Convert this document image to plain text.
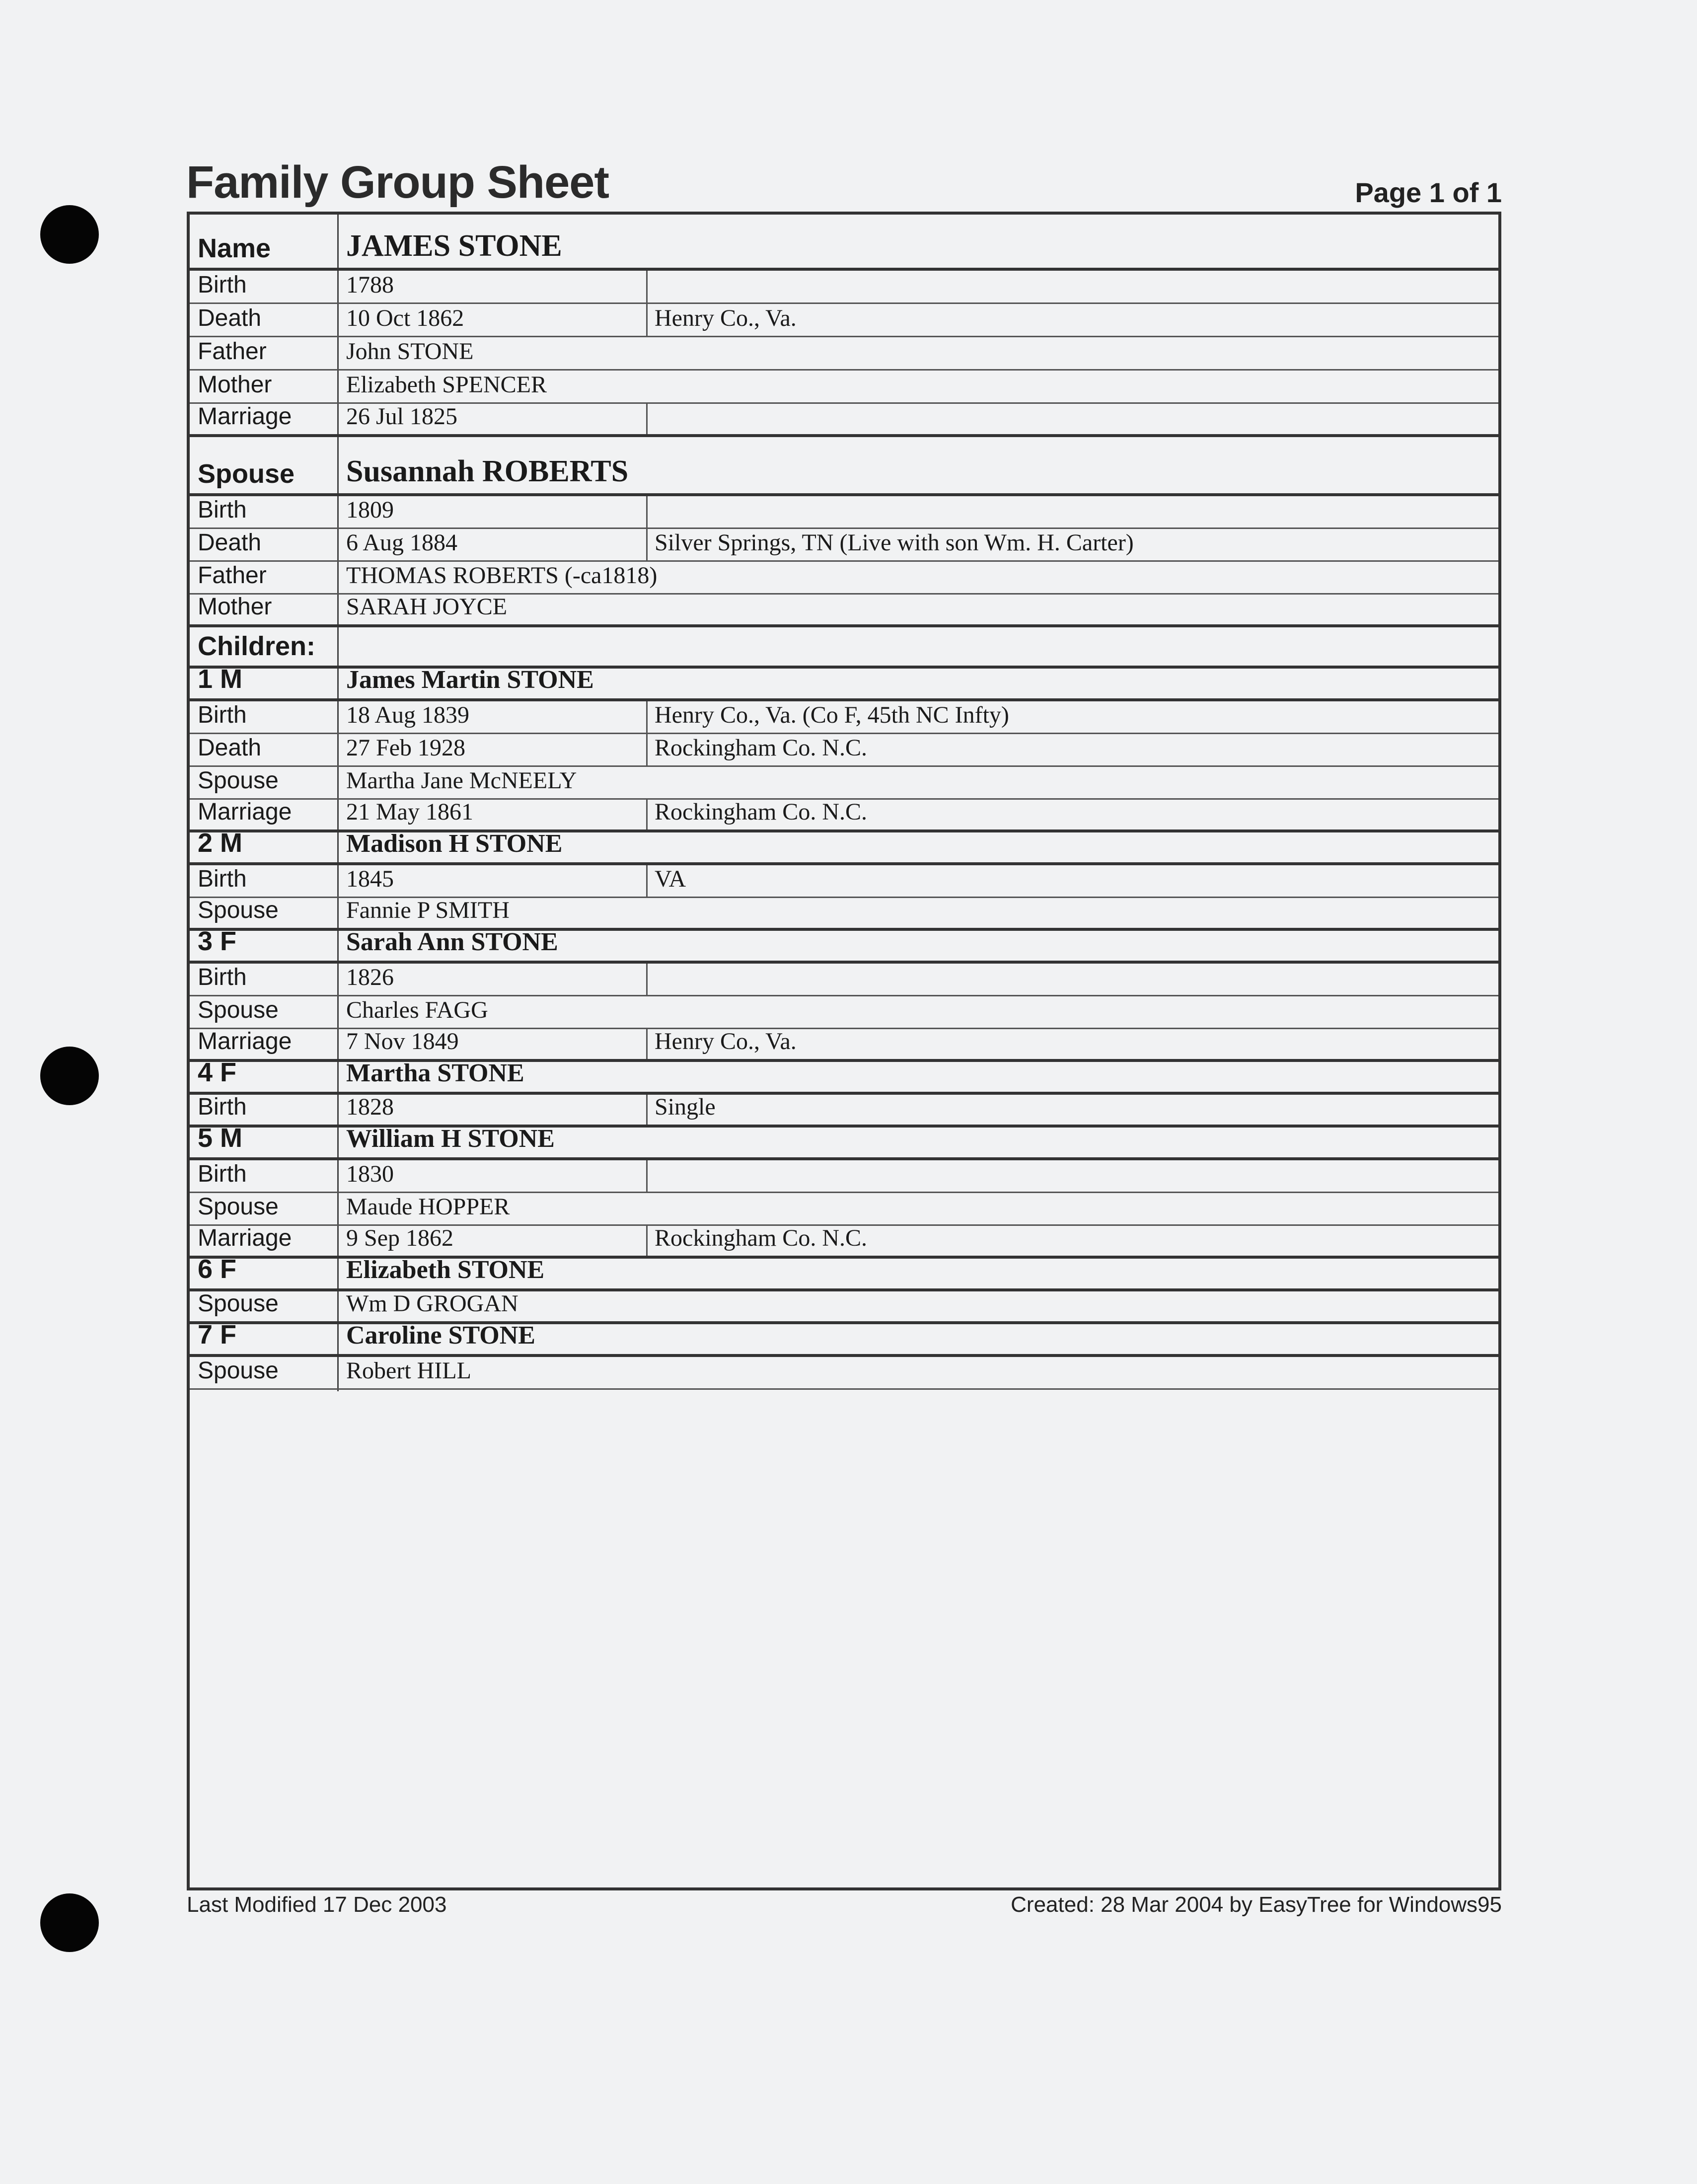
Family Group Sheet	Page 1 of 1
Name JAMES STONE
Birth	1788
Death	10 Oct 1862	Henry Co., Va.
Father	John STONE
Mother	Elizabeth SPENCER
Marriage 26 Jul 1825
Spouse Susannah ROBERTS
Birth	1809
Death	6 Aug 1884	Silver Springs, TN (Live with son Wm. H. Carter)
Father	THOMAS ROBERTS (-ca1818)
Mother	SARAH JOYCE
Children:
1 M	James Martin STONE
Birth	18 Aug 1839	Henry Co., Va. (Co F, 45th NC Infty)
Death	27 Feb 1928	Rockingham Co. N.C.
Spouse	Martha Jane McNEELY
Marriage 21 May 1861	Rockingham Co. N.C.
2 M	Madison H STONE
Birth	1845	VA
Spouse	Fannie P SMITH
3 F	Sarah Ann STONE
Birth	1826
Spouse	Charles FAGG
Marriage 7 Nov 1849	Henry Co., Va.
4 F	Martha STONE
Birth	1828	Single
5 M	William H STONE
Birth	1830
Spouse	Maude HOPPER
Marriage 9 Sep 1862	Rockingham Co. N.C.
6 F	Elizabeth STONE
Spouse	Wm D GROGAN
7 F	Caroline STONE
Spouse	Robert HILL
Last Modified 17 Dec 2003	Created: 28 Mar 2004 by EasyTree for Windows95
